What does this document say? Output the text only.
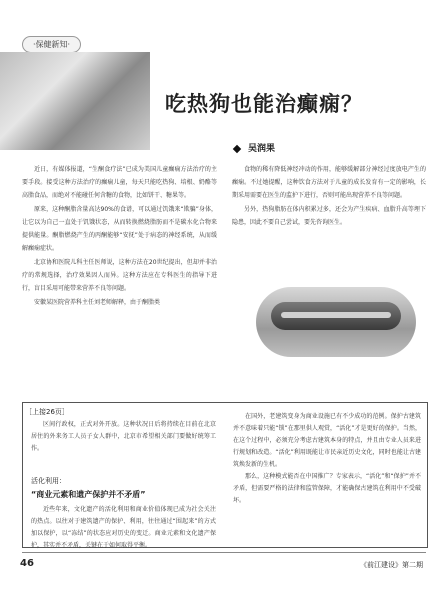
·保健新知·
吃热狗也能治癫痫？
吴润果

近日，有媒体报道，“生酮食疗法”已成为美国儿童癫痫方法治疗的主要手段。接受这种方法治疗的癫痫儿童，每天只能吃热狗、培根、奶酪等高脂食品，而绝对不能碰任何含糖的食物，比如饼干、糖果等。

原来，这种酮脂含量高达90%的食谱，可以通过饥饿来“欺骗”身体，让它以为自己一直处于饥饿状态，从而转换燃烧脂肪而不是碳水化合物来提供能量。酮脂燃烧产生的丙酮能够“安抚”处于病态的神经系统，从而缓解癫痫症状。

北京协和医院儿科主任医师说，这种方法在20世纪提出，但却并非治疗的常规选择，治疗效果因人而异。这种方法应在专科医生的指导下进行，盲目采用可能带来营养不良等问题。

安徽某医院营养科主任刘老师解释，由于酮脂类

食物的稀有降低神经冲动的作用，能够缓解部分神经过度放电产生的癫痫。不过她提醒，这种饮食方法对于儿童的成长发育有一定的影响，长期采用需要在医生的监护下进行，否则可能出现营养不良等问题。

另外，热狗脂肪在体内积累过多，还会为产生疾病、血脂升高等埋下隐患，因此不要自己尝试，要先咨询医生。

［上接26页］

区间行政权，正式对外开放。这种状况日后将持续在目前在北京居住的外来务工人员子女人群中，北京市希望相关部门要做好统筹工作。

活化利用：
“商业元素和遗产保护并不矛盾”

近些年来，文化遗产的活化利用和商业价值体现已成为社会关注的热点。以往对于建筑遗产的保护、利用，往往通过“围起来”的方式加以保护，以“冻结”的状态应对历史的变迁。商业元素和文化遗产保护，其实并不矛盾，关键在于如何取得平衡。

在国外，老建筑变身为商业设施已有不少成功的范例。保护古建筑并不意味着只能“锁”在那里供人观赏，“活化”才是更好的保护。当然，在这个过程中，必须充分考虑古建筑本身的特点，并且由专业人员来进行规划和改造。“活化”利用既能让市民亲近历史文化，同时也能让古建筑焕发新的生机。

那么，这种模式能否在中国推广？专家表示，“活化”和“保护”并不矛盾，但需要严格的法律和监管保障，才能确保古建筑在利用中不受破坏。

46	《前江建设》第二期
